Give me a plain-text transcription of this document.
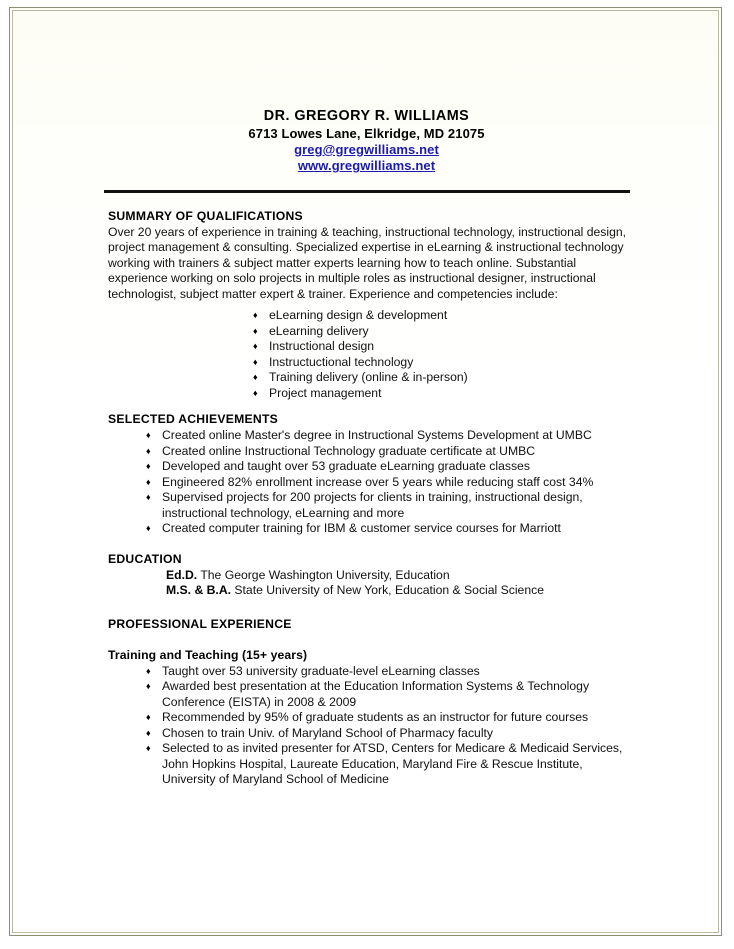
DR. GREGORY R. WILLIAMS
6713 Lowes Lane, Elkridge, MD 21075
greg@gregwilliams.net
www.gregwilliams.net
SUMMARY OF QUALIFICATIONS

Over 20 years of experience in training & teaching, instructional technology, instructional design, project management & consulting. Specialized expertise in eLearning & instructional technology working with trainers & subject matter experts learning how to teach online. Substantial experience working on solo projects in multiple roles as instructional designer, instructional technologist, subject matter expert & trainer. Experience and competencies include:

♦ eLearning design & development
♦ eLearning delivery
♦ Instructional design
♦ Instructuctional technology
♦ Training delivery (online & in-person)
♦ Project management
SELECTED ACHIEVEMENTS
♦ Created online Master's degree in Instructional Systems Development at UMBC
♦ Created online Instructional Technology graduate certificate at UMBC
♦ Developed and taught over 53 graduate eLearning graduate classes
♦ Engineered 82% enrollment increase over 5 years while reducing staff cost 34%
♦ Supervised projects for 200 projects for clients in training, instructional design, instructional technology, eLearning and more
♦ Created computer training for IBM & customer service courses for Marriott
EDUCATION
Ed.D. The George Washington University, Education
M.S. & B.A. State University of New York, Education & Social Science
PROFESSIONAL EXPERIENCE
Training and Teaching (15+ years)
♦ Taught over 53 university graduate-level eLearning classes
♦ Awarded best presentation at the Education Information Systems & Technology Conference (EISTA) in 2008 & 2009
♦ Recommended by 95% of graduate students as an instructor for future courses
♦ Chosen to train Univ. of Maryland School of Pharmacy faculty
♦ Selected to as invited presenter for ATSD, Centers for Medicare & Medicaid Services, John Hopkins Hospital, Laureate Education, Maryland Fire & Rescue Institute, University of Maryland School of Medicine
